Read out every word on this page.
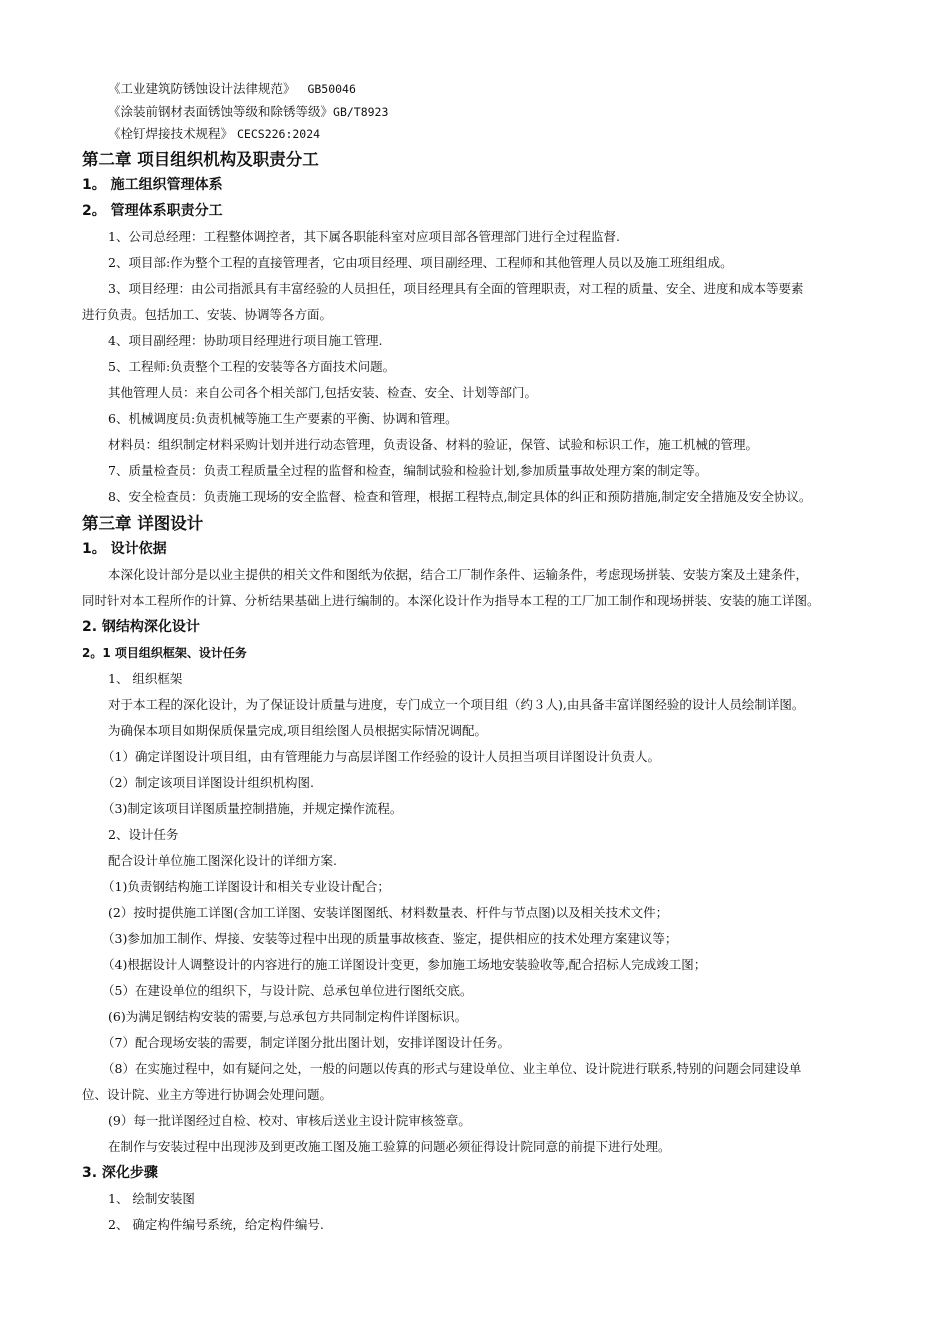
《工业建筑防锈蚀设计法律规范》 GB50046
《涂装前钢材表面锈蚀等级和除锈等级》GB/T8923
《栓钉焊接技术规程》 CECS226:2024
第二章 项目组织机构及职责分工
1。 施工组织管理体系
2。 管理体系职责分工
1、公司总经理：工程整体调控者，其下属各职能科室对应项目部各管理部门进行全过程监督.
2、项目部:作为整个工程的直接管理者，它由项目经理、项目副经理、工程师和其他管理人员以及施工班组组成。
3、项目经理：由公司指派具有丰富经验的人员担任，项目经理具有全面的管理职责，对工程的质量、安全、进度和成本等要素
进行负责。包括加工、安装、协调等各方面。
4、项目副经理：协助项目经理进行项目施工管理.
5、工程师:负责整个工程的安装等各方面技术问题。
其他管理人员：来自公司各个相关部门,包括安装、检查、安全、计划等部门。
6、机械调度员:负责机械等施工生产要素的平衡、协调和管理。
材料员：组织制定材料采购计划并进行动态管理，负责设备、材料的验证，保管、试验和标识工作，施工机械的管理。
7、质量检查员：负责工程质量全过程的监督和检查，编制试验和检验计划,参加质量事故处理方案的制定等。
8、安全检查员：负责施工现场的安全监督、检查和管理，根据工程特点,制定具体的纠正和预防措施,制定安全措施及安全协议。
第三章 详图设计
1。 设计依据
本深化设计部分是以业主提供的相关文件和图纸为依据，结合工厂制作条件、运输条件，考虑现场拼装、安装方案及土建条件，
同时针对本工程所作的计算、分析结果基础上进行编制的。本深化设计作为指导本工程的工厂加工制作和现场拼装、安装的施工详图。
2. 钢结构深化设计
2。1 项目组织框架、设计任务
1、 组织框架
对于本工程的深化设计，为了保证设计质量与进度，专门成立一个项目组（约３人),由具备丰富详图经验的设计人员绘制详图。
为确保本项目如期保质保量完成,项目组绘图人员根据实际情况调配。
（1）确定详图设计项目组，由有管理能力与高层详图工作经验的设计人员担当项目详图设计负责人。
（2）制定该项目详图设计组织机构图.
（3)制定该项目详图质量控制措施，并规定操作流程。
2、设计任务
配合设计单位施工图深化设计的详细方案.
（1)负责钢结构施工详图设计和相关专业设计配合；
(2）按时提供施工详图(含加工详图、安装详图图纸、材料数量表、杆件与节点图)以及相关技术文件；
（3)参加加工制作、焊接、安装等过程中出现的质量事故核查、鉴定，提供相应的技术处理方案建议等；
（4)根据设计人调整设计的内容进行的施工详图设计变更，参加施工场地安装验收等,配合招标人完成竣工图；
（5）在建设单位的组织下，与设计院、总承包单位进行图纸交底。
(6)为满足钢结构安装的需要,与总承包方共同制定构件详图标识。
（7）配合现场安装的需要，制定详图分批出图计划，安排详图设计任务。
（8）在实施过程中，如有疑问之处，一般的问题以传真的形式与建设单位、业主单位、设计院进行联系,特别的问题会同建设单
位、设计院、业主方等进行协调会处理问题。
(9）每一批详图经过自检、校对、审核后送业主设计院审核签章。
在制作与安装过程中出现涉及到更改施工图及施工验算的问题必须征得设计院同意的前提下进行处理。
3. 深化步骤
1、 绘制安装图
2、 确定构件编号系统，给定构件编号.
